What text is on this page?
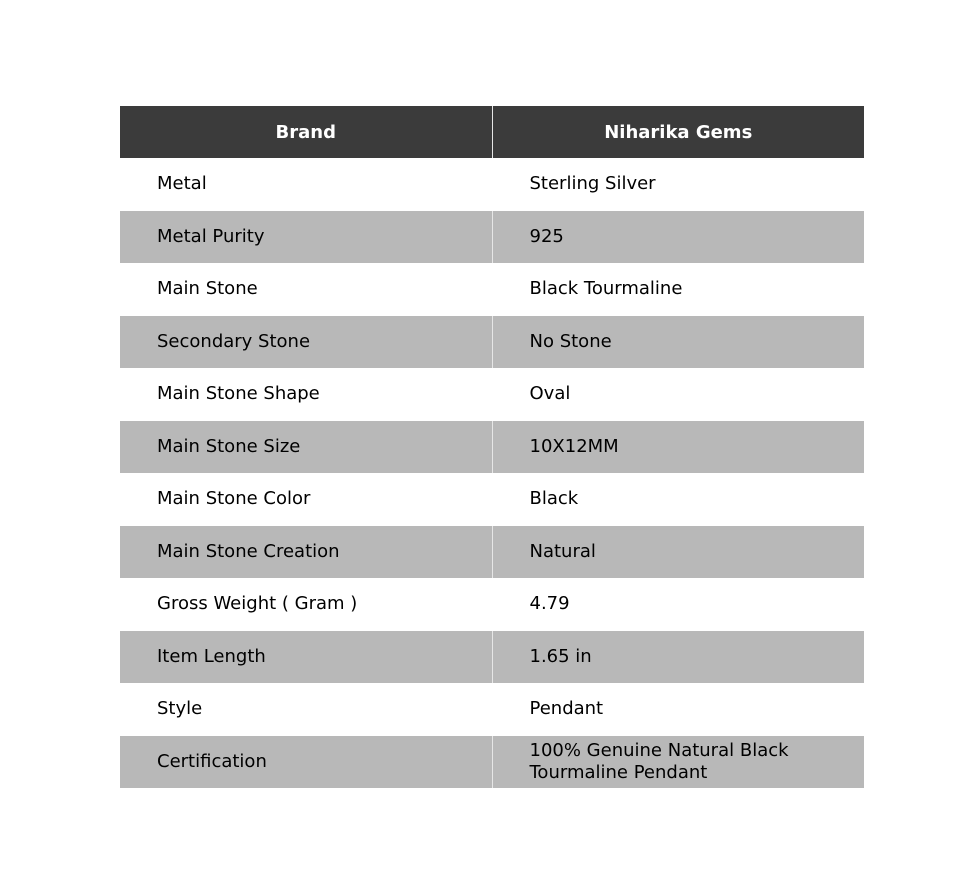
Brand	Niharika Gems
Metal	Sterling Silver
Metal Purity	925
Main Stone	Black Tourmaline
Secondary Stone	No Stone
Main Stone Shape	Oval
Main Stone Size	10X12MM
Main Stone Color	Black
Main Stone Creation	Natural
Gross Weight ( Gram )	4.79
Item Length	1.65 in
Style	Pendant
Certification	100% Genuine Natural Black Tourmaline Pendant
